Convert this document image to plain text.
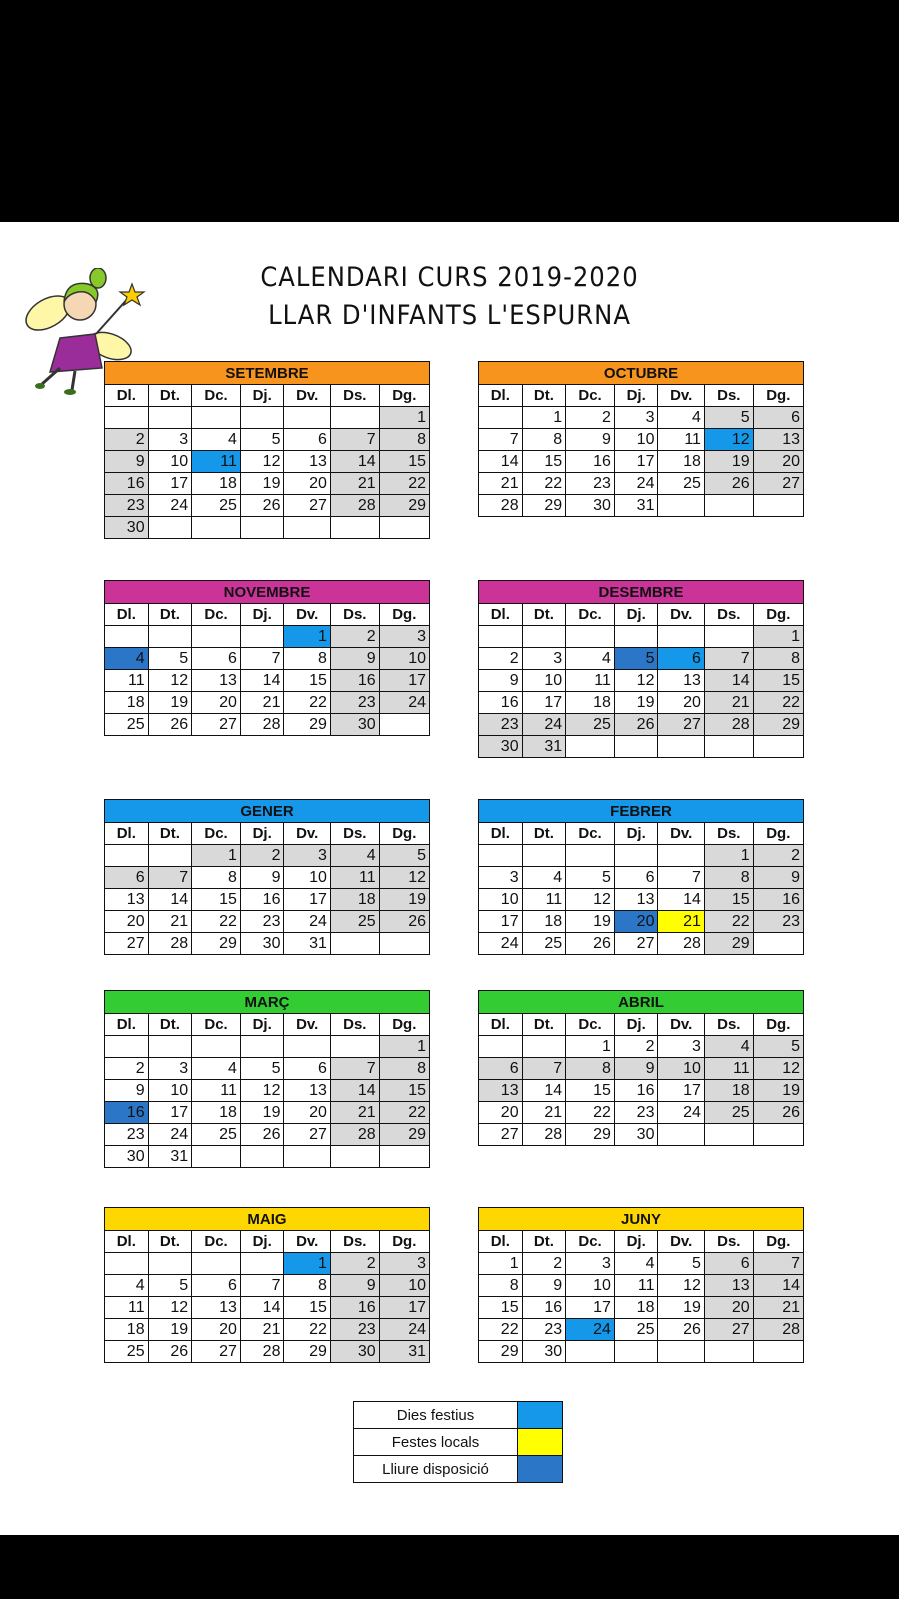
CALENDARI CURS 2019-2020
LLAR D'INFANTS L'ESPURNA
SETEMBRE						
Dl.	Dt.	Dc.	Dj.	Dv.	Ds.	Dg.
						1
2	3	4	5	6	7	8
9	10	11	12	13	14	15
16	17	18	19	20	21	22
23	24	25	26	27	28	29
30						
OCTUBRE						
Dl.	Dt.	Dc.	Dj.	Dv.	Ds.	Dg.
	1	2	3	4	5	6
7	8	9	10	11	12	13
14	15	16	17	18	19	20
21	22	23	24	25	26	27
28	29	30	31			
NOVEMBRE						
Dl.	Dt.	Dc.	Dj.	Dv.	Ds.	Dg.
				1	2	3
4	5	6	7	8	9	10
11	12	13	14	15	16	17
18	19	20	21	22	23	24
25	26	27	28	29	30	
DESEMBRE						
Dl.	Dt.	Dc.	Dj.	Dv.	Ds.	Dg.
						1
2	3	4	5	6	7	8
9	10	11	12	13	14	15
16	17	18	19	20	21	22
23	24	25	26	27	28	29
30	31					
GENER						
Dl.	Dt.	Dc.	Dj.	Dv.	Ds.	Dg.
		1	2	3	4	5
6	7	8	9	10	11	12
13	14	15	16	17	18	19
20	21	22	23	24	25	26
27	28	29	30	31		
FEBRER						
Dl.	Dt.	Dc.	Dj.	Dv.	Ds.	Dg.
					1	2
3	4	5	6	7	8	9
10	11	12	13	14	15	16
17	18	19	20	21	22	23
24	25	26	27	28	29	
MARÇ						
Dl.	Dt.	Dc.	Dj.	Dv.	Ds.	Dg.
						1
2	3	4	5	6	7	8
9	10	11	12	13	14	15
16	17	18	19	20	21	22
23	24	25	26	27	28	29
30	31					
ABRIL						
Dl.	Dt.	Dc.	Dj.	Dv.	Ds.	Dg.
		1	2	3	4	5
6	7	8	9	10	11	12
13	14	15	16	17	18	19
20	21	22	23	24	25	26
27	28	29	30			
MAIG						
Dl.	Dt.	Dc.	Dj.	Dv.	Ds.	Dg.
				1	2	3
4	5	6	7	8	9	10
11	12	13	14	15	16	17
18	19	20	21	22	23	24
25	26	27	28	29	30	31
JUNY						
Dl.	Dt.	Dc.	Dj.	Dv.	Ds.	Dg.
1	2	3	4	5	6	7
8	9	10	11	12	13	14
15	16	17	18	19	20	21
22	23	24	25	26	27	28
29	30					
Dies festius	
Festes locals	
Lliure disposició	
